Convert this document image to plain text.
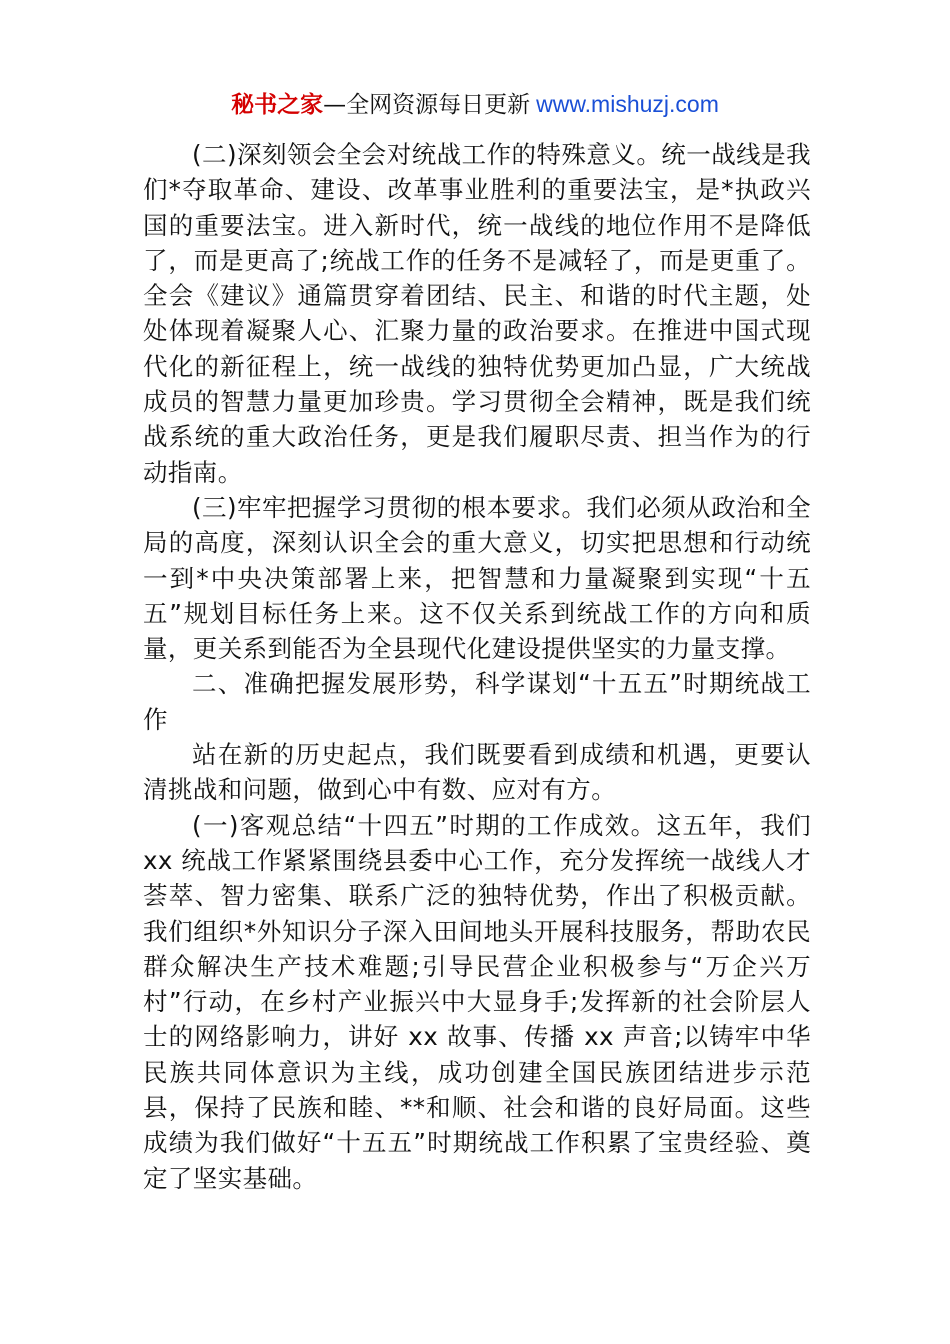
秘书之家—全网资源每日更新 www.mishuzj.com

(二)深刻领会全会对统战工作的特殊意义。统一战线是我们*夺取革命、建设、改革事业胜利的重要法宝，是*执政兴国的重要法宝。进入新时代，统一战线的地位作用不是降低了，而是更高了;统战工作的任务不是减轻了，而是更重了。全会《建议》通篇贯穿着团结、民主、和谐的时代主题，处处体现着凝聚人心、汇聚力量的政治要求。在推进中国式现代化的新征程上，统一战线的独特优势更加凸显，广大统战成员的智慧力量更加珍贵。学习贯彻全会精神，既是我们统战系统的重大政治任务，更是我们履职尽责、担当作为的行动指南。

(三)牢牢把握学习贯彻的根本要求。我们必须从政治和全局的高度，深刻认识全会的重大意义，切实把思想和行动统一到*中央决策部署上来，把智慧和力量凝聚到实现“十五五”规划目标任务上来。这不仅关系到统战工作的方向和质量，更关系到能否为全县现代化建设提供坚实的力量支撑。

二、准确把握发展形势，科学谋划“十五五”时期统战工作

站在新的历史起点，我们既要看到成绩和机遇，更要认清挑战和问题，做到心中有数、应对有方。

(一)客观总结“十四五”时期的工作成效。这五年，我们 xx 统战工作紧紧围绕县委中心工作，充分发挥统一战线人才荟萃、智力密集、联系广泛的独特优势，作出了积极贡献。我们组织*外知识分子深入田间地头开展科技服务，帮助农民群众解决生产技术难题;引导民营企业积极参与“万企兴万村”行动，在乡村产业振兴中大显身手;发挥新的社会阶层人士的网络影响力，讲好 xx 故事、传播 xx 声音;以铸牢中华民族共同体意识为主线，成功创建全国民族团结进步示范县，保持了民族和睦、**和顺、社会和谐的良好局面。这些成绩为我们做好“十五五”时期统战工作积累了宝贵经验、奠定了坚实基础。
